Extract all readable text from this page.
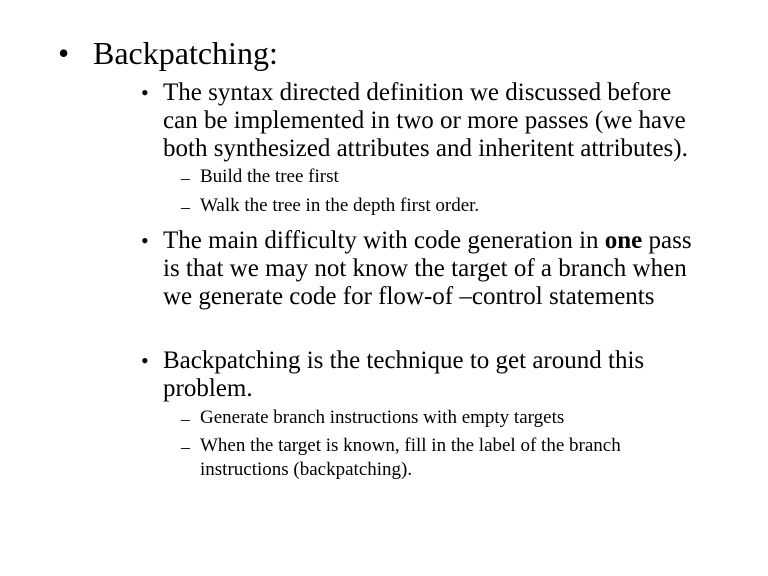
• Backpatching:
• The syntax directed definition we discussed before
can be implemented in two or more passes (we have
both synthesized attributes and inheritent attributes).
– Build the tree first
– Walk the tree in the depth first order.
• The main difficulty with code generation in one pass
is that we may not know the target of a branch when
we generate code for flow-of –control statements
• Backpatching is the technique to get around this
problem.
– Generate branch instructions with empty targets
– When the target is known, fill in the label of the branch
instructions (backpatching).
